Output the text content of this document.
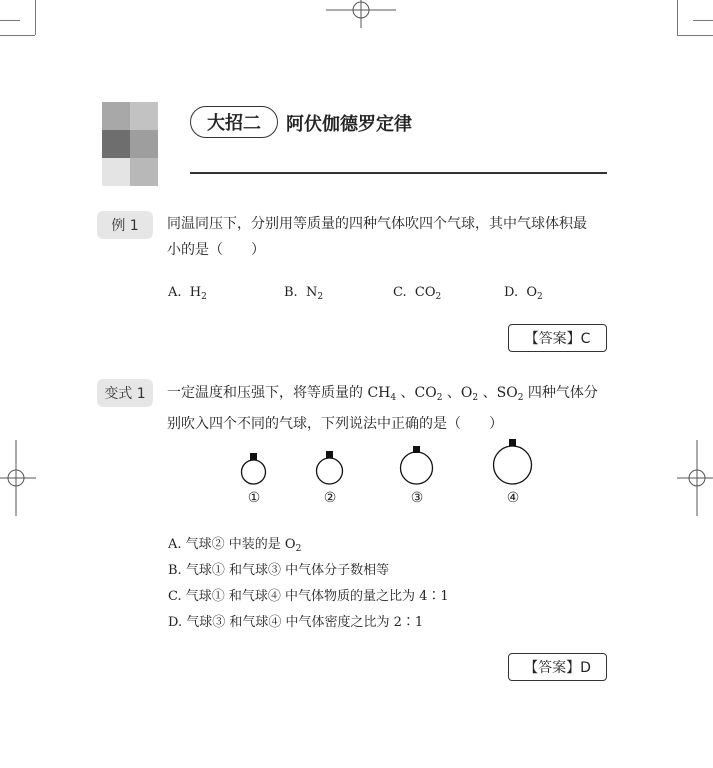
大招二	阿伏伽德罗定律
例 1	同温同压下，分别用等质量的四种气体吹四个气球，其中气球体积最
小的是（　　）
A. $H_2$	B. $N_2$	C. $CO_2$	D. $O_2$
【答案】C
变式 1	一定温度和压强下，将等质量的 $CH_4$ 、$CO_2$ 、$O_2$ 、$SO_2$ 四种气体分
别吹入四个不同的气球，下列说法中正确的是（　　）
①	②	③	④
A. 气球② 中装的是 $O_2$
B. 气球① 和气球③ 中气体分子数相等
C. 气球① 和气球④ 中气体物质的量之比为 4∶1
D. 气球③ 和气球④ 中气体密度之比为 2∶1
【答案】D
